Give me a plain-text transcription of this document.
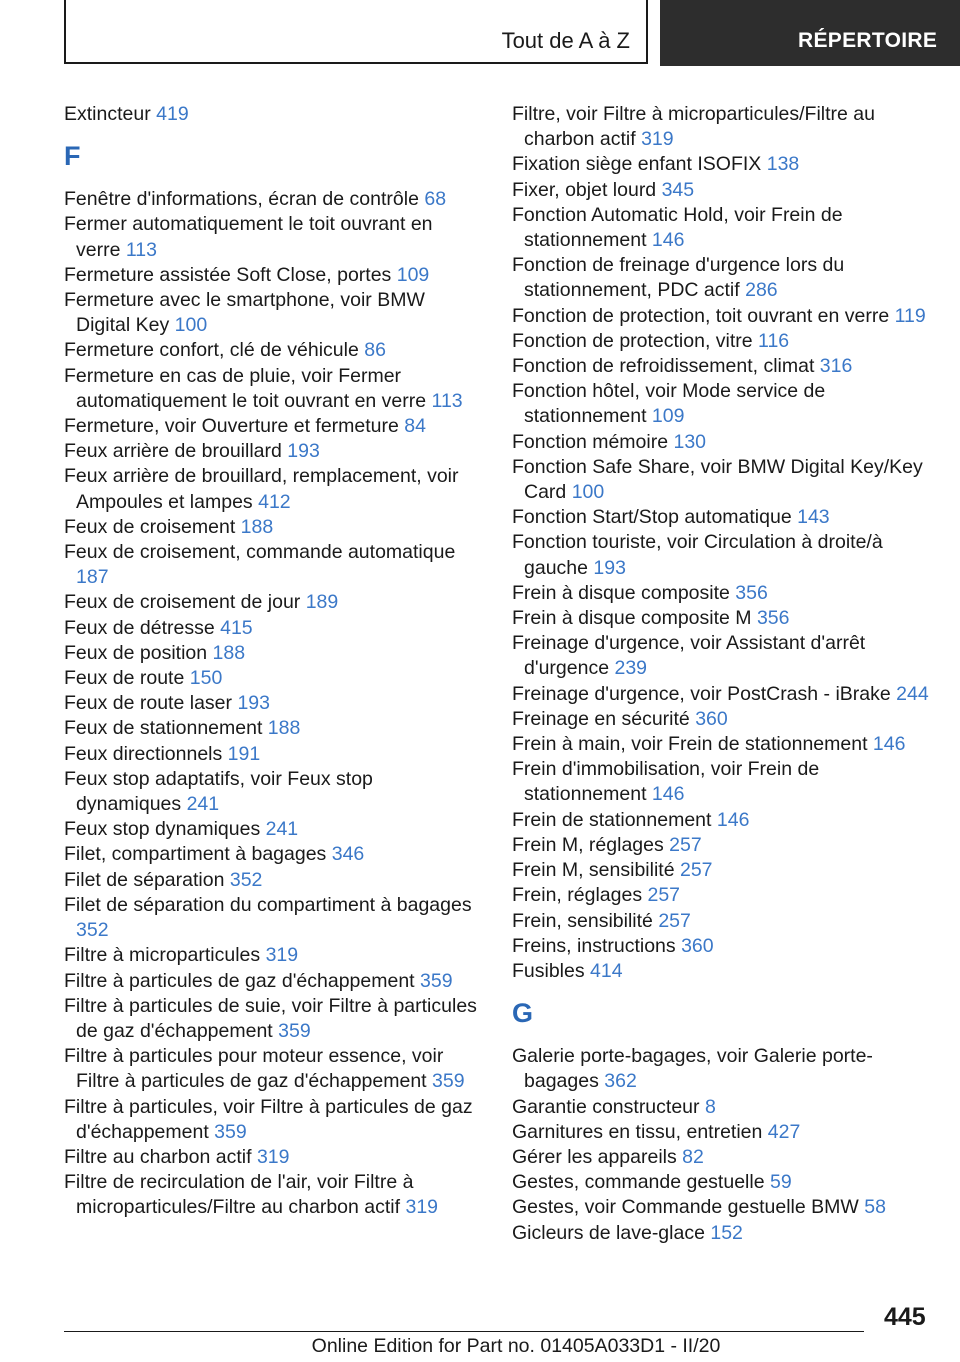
Tout de A à Z	RÉPERTOIRE
Extincteur 419
F
Fenêtre d'informations, écran de contrôle 68
Fermer automatiquement le toit ouvrant en verre 113
Fermeture assistée Soft Close, portes 109
Fermeture avec le smartphone, voir BMW Digital Key 100
Fermeture confort, clé de véhicule 86
Fermeture en cas de pluie, voir Fermer automatiquement le toit ouvrant en verre 113
Fermeture, voir Ouverture et fermeture 84
Feux arrière de brouillard 193
Feux arrière de brouillard, remplacement, voir Ampoules et lampes 412
Feux de croisement 188
Feux de croisement, commande automatique 187
Feux de croisement de jour 189
Feux de détresse 415
Feux de position 188
Feux de route 150
Feux de route laser 193
Feux de stationnement 188
Feux directionnels 191
Feux stop adaptatifs, voir Feux stop dynamiques 241
Feux stop dynamiques 241
Filet, compartiment à bagages 346
Filet de séparation 352
Filet de séparation du compartiment à bagages 352
Filtre à microparticules 319
Filtre à particules de gaz d'échappement 359
Filtre à particules de suie, voir Filtre à particules de gaz d'échappement 359
Filtre à particules pour moteur essence, voir Filtre à particules de gaz d'échappement 359
Filtre à particules, voir Filtre à particules de gaz d'échappement 359
Filtre au charbon actif 319
Filtre de recirculation de l'air, voir Filtre à microparticules/Filtre au charbon actif 319
Filtre, voir Filtre à microparticules/Filtre au charbon actif 319
Fixation siège enfant ISOFIX 138
Fixer, objet lourd 345
Fonction Automatic Hold, voir Frein de stationnement 146
Fonction de freinage d'urgence lors du stationnement, PDC actif 286
Fonction de protection, toit ouvrant en verre 119
Fonction de protection, vitre 116
Fonction de refroidissement, climat 316
Fonction hôtel, voir Mode service de stationnement 109
Fonction mémoire 130
Fonction Safe Share, voir BMW Digital Key/Key Card 100
Fonction Start/Stop automatique 143
Fonction touriste, voir Circulation à droite/à gauche 193
Frein à disque composite 356
Frein à disque composite M 356
Freinage d'urgence, voir Assistant d'arrêt d'urgence 239
Freinage d'urgence, voir PostCrash - iBrake 244
Freinage en sécurité 360
Frein à main, voir Frein de stationnement 146
Frein d'immobilisation, voir Frein de stationnement 146
Frein de stationnement 146
Frein M, réglages 257
Frein M, sensibilité 257
Frein, réglages 257
Frein, sensibilité 257
Freins, instructions 360
Fusibles 414
G
Galerie porte-bagages, voir Galerie porte-bagages 362
Garantie constructeur 8
Garnitures en tissu, entretien 427
Gérer les appareils 82
Gestes, commande gestuelle 59
Gestes, voir Commande gestuelle BMW 58
Gicleurs de lave-glace 152
445
Online Edition for Part no. 01405A033D1 - II/20
